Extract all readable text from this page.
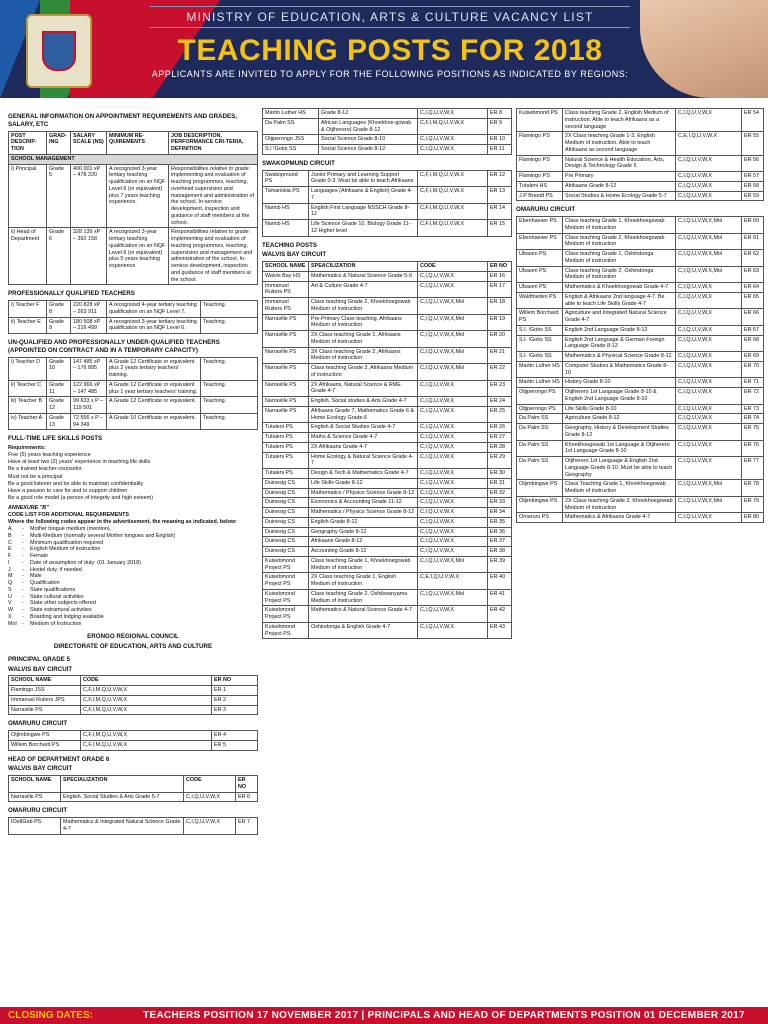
MINISTRY OF EDUCATION, ARTS & CULTURE VACANCY LIST
TEACHING POSTS FOR 2018
APPLICANTS ARE INVITED TO APPLY FOR THE FOLLOWING POSITIONS AS INDICATED BY REGIONS:
GENERAL INFORMATION ON APPOINTMENT REQUIREMENTS AND GRADES, SALARY, ETC
POST DESCRIP-TION	GRAD-ING	SALARY SCALE (NS)	MINIMUM RE-QUIREMENTS	JOB DESCRIPTION, PERFORMANCE CRI-TERIA, DEFINITION
SCHOOL MANAGEMENT				
i) Principal	Grade 5	400 001 xP – 478 220	A recognized 3-year tertiary teaching qualification on an NQF Level 6 (or equivalent) plus 7 years teaching experience.	Responsibilities relative to grade: implementing and evaluation of teaching programmes, teaching, overhead supervision and management and administration of the school. In-service development, inspection and guidance of staff members at the school.
ii) Head of Department	Grade 6	328 139 xP – 392 158	A recognized 3-year tertiary teaching qualification on an NQF Level 6 (or equivalent) plus 5 years teaching experience	Responsibilities relative to grade: implementing and evaluation of teaching programmes, teaching, supervision and management and administration of the school. In-service development, inspection and guidance of staff members at the school.
PROFESSIONALLY QUALIFIED TEACHERS
i) Teacher F	Grade 8	220 828 xP – 263 911	A recognized 4-year tertiary teaching qualification on an NQF Level 7.	Teaching.
ii) Teacher E	Grade 9	180 508 xP – 216 499	A recognized 3-year tertiary teaching qualification on an NQF Level 6.	Teaching.
UN-QUALIFIED AND PROFESSIONALLY UNDER-QUALIFIED TEACHERS (APPOINTED ON CONTRACT AND IN A TEMPORARY CAPACITY)
i) Teacher D	Grade 10	147 485 xP – 176 895	A Grade 12 Certificate or equivalent plus 2 years tertiary teachers' training.	Teaching.
ii) Teacher C	Grade 11	122 966 xP – 147 485	A Grade 12 Certificate or equivalent plus 1 year tertiary teachers' training.	Teaching.
iii) Teacher B	Grade 12	99 633 x P – 119 501	A Grade 12 Certificate or equivalent.	Teaching.
iv) Teacher A	Grade 13	72 556 x P – 94 349	A Grade 10 Certificate or equivalent.	Teaching.
FULL-TIME LIFE SKILLS POSTS

Requirements:

Five (5) years teaching experience

Have at least two (2) years' experience in teaching life skills

Be a trained teacher-counselor

Must not be a principal

Be a good listener and be able to maintain confidentiality

Have a passion to care for and to support children

Be a good role model (a person of integrity and high esteem)

ANNEXURE "B"

CODE LIST FOR ADDITIONAL REQUIREMENTS

Where the following codes appear in the advertisement, the meaning as indicated, below:

A	-	Mother tongue medium (mention).
B	-	Multi-Medium (normally several Mother tongues and English)
C	-	Minimum qualification required
E	-	English Medium of instruction
F	-	Female
I	-	Date of assumption of duty: (01 January 2018)
J	-	Hostel duty, if needed
M	-	Male
Q	-	Qualification
S	-	State qualifications
U	-	State cultural activities
V	-	State other subjects offered
W	-	State extramural activities
X	-	Boarding and lodging available
Mol -	Medium of Instruction
ERONGO REGIONAL COUNCIL
DIRECTORATE OF EDUCATION, ARTS AND CULTURE
PRINCIPAL GRADE 5
WALVIS BAY CIRCUIT
SCHOOL NAME	CODE	ER NO
Flamingo JSS	C,F,I,M,Q,U,V,W,X	ER 1
Immanuel Ruiters JPS	C,F,I,M,Q,U,V,W,X	ER 2
Narraville PS	C,F,I,M,Q,U,V,W,X	ER 3
OMARURU CIRCUIT
Otjimbingwe PS	C,F,I,M,Q,U,V,W,X	ER 4
Willem Borchard PS	C,F,I,M,Q,U,V,W,X	ER 5
HEAD OF DEPARTMENT GRADE 6
WALVIS BAY CIRCUIT
SCHOOL NAME	SPECIALIZATION	CODE	ER NO
Narraville PS	English, Social Studies & Arts Grade 5-7	C,I,Q,U,V,W,X	ER 6
OMARURU CIRCUIT
IOeiIGab PS	Mathematics & Integrated Natural Science Grade 4-7	C,I,Q,U,V,W,X	ER 7
Martin Luther HS	Grade 8-12	C,I,Q,U,V,W,X	ER 8
Da Palm SS	African Languages (Khoekhoe-gowab & Otjiherero) Grade 8-12	C,F,I,M,Q,U,V,W,X	ER 9
Otjiperongo JSS	Social Science Grade 8-10	C,I,Q,U,V,W,X	ER 10
S.I !Gobs SS	Social Science Grade 8-12	C,I,Q,U,V,W,X	ER 11
SWAKOPMUND CIRCUIT
Swakopmund PS	Junior Primary and Learning Support Grade 0-3. Must be able to teach Afrikaans	C,F,I,M,Q,U,V,W,X	ER 12
Tamariskia PS	Languages (Afrikaans & English) Grade 4-7	C,F,I,M,Q,U,V,W,X	ER 13
Namib HS	English First Language NSSCH Grade 8-12	C,F,I,M,Q,U,V,W,X	ER 14
Namib HS	Life Science Grade 10, Biology Grade 11-12 Higher level	C,F,I,M,Q,U,V,W,X	ER 15
TEACHING POSTS
WALVIS BAY CIRCUIT
SCHOOL NAME	SPEACILIZATION	CODE	ER NO
Walvis Bay HS	Mathematics & Natural Science Grade 5-9	C,I,Q,U,V,W,X	ER 16
Immanuel Ruiters PS	Art & Culture Grade 4-7	C,I,Q,U,V,W,X	ER 17
Immanuel Ruiters PS	Class teaching Grade 2, Khoekhoegowab Medium of instruction	C,I,Q,U,V,W,X,Mol	ER 18
Narraville PS	Pre-Primary Class teaching, Afrikaans Medium of instruction	C,I,Q,U,V,W,X,Mol	ER 19
Narraville PS	2X Class teaching Grade 1, Afrikaans Medium of instruction	C,I,Q,U,V,W,X,Mol	ER 20
Narraville PS	3X Class teaching Grade 2, Afrikaans Medium of instruction	C,I,Q,U,V,W,X,Mol	ER 21
Narraville PS	Class teaching Grade 3, Afrikaans Medium of instruction	C,I,Q,U,V,W,X,Mol	ER 22
Narraville PS	2X Afrikaans, Natural Science & RME Grade 4-7	C,I,Q,U,V,W,X	ER 23
Narraville PS	English, Social studies & Arts Grade 4-7	C,I,Q,U,V,W,X	ER 24
Narraville PS	Afrikaans Grade 7, Mathematics Grade 6 & Home Ecology Grade 6	C,I,Q,U,V,W,X	ER 25
Tutaleni PS	English & Social Studies Grade 4-7	C,I,Q,U,V,W,X	ER 26
Tutaleni PS	Maths & Science Grade 4-7	C,I,Q,U,V,W,X	ER 27
Tutaleni PS	2X Afrikaans Grade 4-7	C,I,Q,U,V,W,X	ER 28
Tutaleni PS	Home Ecology & Natural Science Grade 4-7	C,I,Q,U,V,W,X	ER 29
Tutaleni PS	Design & Tech & Mathematics Grade 4-7	C,I,Q,U,V,W,X	ER 30
Duinesig CS	Life Skills Grade 8-12	C,I,Q,U,V,W,X	ER 31
Duinesig CS	Mathematics / Physics Science Grade 8-12	C,I,Q,U,V,W,X	ER 32
Duinesig CS	Economics & Accounting Grade 11-12	C,I,Q,U,V,W,X	ER 33
Duinesig CS	Mathematics / Physics Science Grade 8-12	C,I,Q,U,V,W,X	ER 34
Duinesig CS	English Grade 8-12	C,I,Q,U,V,W,X	ER 35
Duinesig CS	Geography Grade 8-12	C,I,Q,U,V,W,X	ER 36
Duinesig CS	Afrikaans Grade 8-12	C,I,Q,U,V,W,X	ER 37
Duinesig CS	Accounting Grade 8-12	C,I,Q,U,V,W,X	ER 38
Kuisebmond Project PS	Class teaching Grade 1, Khoekhoegowab Medium of instruction	C,I,Q,U,V,W,X,Mol	ER 39
Kuisebmond Project PS	2X Class teaching Grade 1, English Medium of instruction	C,E,I,Q,U,V,W,X	ER 40
Kuisebmond Project PS	Class teaching Grade 2, Oshikwanyama Medium of instruction	C,I,Q,U,V,W,X,Mol	ER 41
Kuisebmond Project PS	Mathematics & Natural Science Grade 4-7	C,I,Q,U,V,W,X	ER 42
Kuisebmond Project PS	Oshindonga & English Grade 4-7	C,I,Q,U,V,W,X	ER 43
Kuisebmond PS	Class teaching Grade 2, English Medium of instruction. Able to teach Afrikaans as a second language	C,I,Q,U,V,W,X	ER 54
Flamingo PS	2X Class teaching Grade 1-3, English Medium of instruction. Able to teach Afrikaans as second language	C,E,I,Q,U,V,W,X	ER 55
Flamingo PS	Natural Science & Health Education, Arts, Design & Technology Grade 5	C,I,Q,U,V,W,X	ER 56
Flamingo PS	Pre Primary	C,I,Q,U,V,W,X	ER 57
Tutaleni HS	Afrikaans Grade 8-12	C,I,Q,U,V,W,X	ER 58
J.P Brandt PS	Social Studies & Home Ecology Grade 5-7	C,I,Q,U,V,W,X	ER 59
OMARURU CIRCUIT
Ebenhaeser PS	Class teaching Grade 1, Khoekhoegowab Medium of instruction	C,I,Q,U,V,W,X,Mol	ER 60
Ebenhaeser PS	Class teaching Grade 2, Khoekhoegowab Medium of instruction	C,I,Q,U,V,W,X,Mol	ER 61
Ubasen PS	Class teaching Grade 1, Oshindonga Medium of instruction	C,I,Q,U,V,W,X,Mol	ER 62
Ubasen PS	Class teaching Grade 2, Oshindonga Medium of instruction	C,I,Q,U,V,W,X,Mol	ER 63
Ubasen PS	Mathematics & Khoekhoegowab Grade 4-7	C,I,Q,U,V,W,X	ER 64
Waldfrieden PS	English & Afrikaans 2nd language 4-7. Be able to teach Life Skills Grade 4-7	C,I,Q,U,V,W,X	ER 65
Willem Borchard PS	Agriculture and Integrated Natural Science Grade 4-7	C,I,Q,U,V,W,X	ER 66
S.I. !Gobs SS	English 2nd Language Grade 8-12	C,I,Q,U,V,W,X	ER 67
S.I. !Gobs SS	English 2nd Language & German Foreign Language Grade 8-12	C,I,Q,U,V,W,X	ER 68
S.I. !Gobs SS	Mathematics & Physical Science Grade 8-12	C,I,Q,U,V,W,X	ER 69
Martin Luther HS	Computer Studies & Mathematics Grade 8-10	C,I,Q,U,V,W,X	ER 70
Martin Luther HS	History Grade 8-10	C,I,Q,U,V,W,X	ER 71
Otjiperongo PS	Otjiherero 1st Language Grade 8-10 & English 2nd Language Grade 8-10	C,I,Q,U,V,W,X	ER 72
Otjiperongo PS	Life Skills Grade 8-10	C,I,Q,U,V,W,X	ER 73
Da Palm SS	Agriculture Grade 8-12	C,I,Q,U,V,W,X	ER 74
Da Palm SS	Geography, History & Development Studies Grade 8-12	C,I,Q,U,V,W,X	ER 75
Da Palm SS	Khoekhoegowab 1st Language & Otjiherero 1st Language Grade 8-10	C,I,Q,U,V,W,X	ER 76
Da Palm SS	Otjiherero 1st Language & English 2nd Language Grade 8-10. Must be able to teach Geography	C,I,Q,U,V,W,X	ER 77
Otjimbingwe PS	Class Teaching Grade 1, Khoekhoegowab Medium of instruction	C,I,Q,U,V,W,X,Mol	ER 78
Otjimbingwe PS	2X Class teaching Grade 2, Khoekhoegowab Medium of instruction	C,I,Q,U,V,W,X,Mol	ER 79
Omaruru PS	Mathematics & Afrikaans Grade 4-7	C,I,Q,U,V,W,X	ER 80
CLOSING DATES:	TEACHERS POSITION 17 NOVEMBER 2017 | PRINCIPALS AND HEAD OF DEPARTMENTS POSITION 01 DECEMBER 2017
